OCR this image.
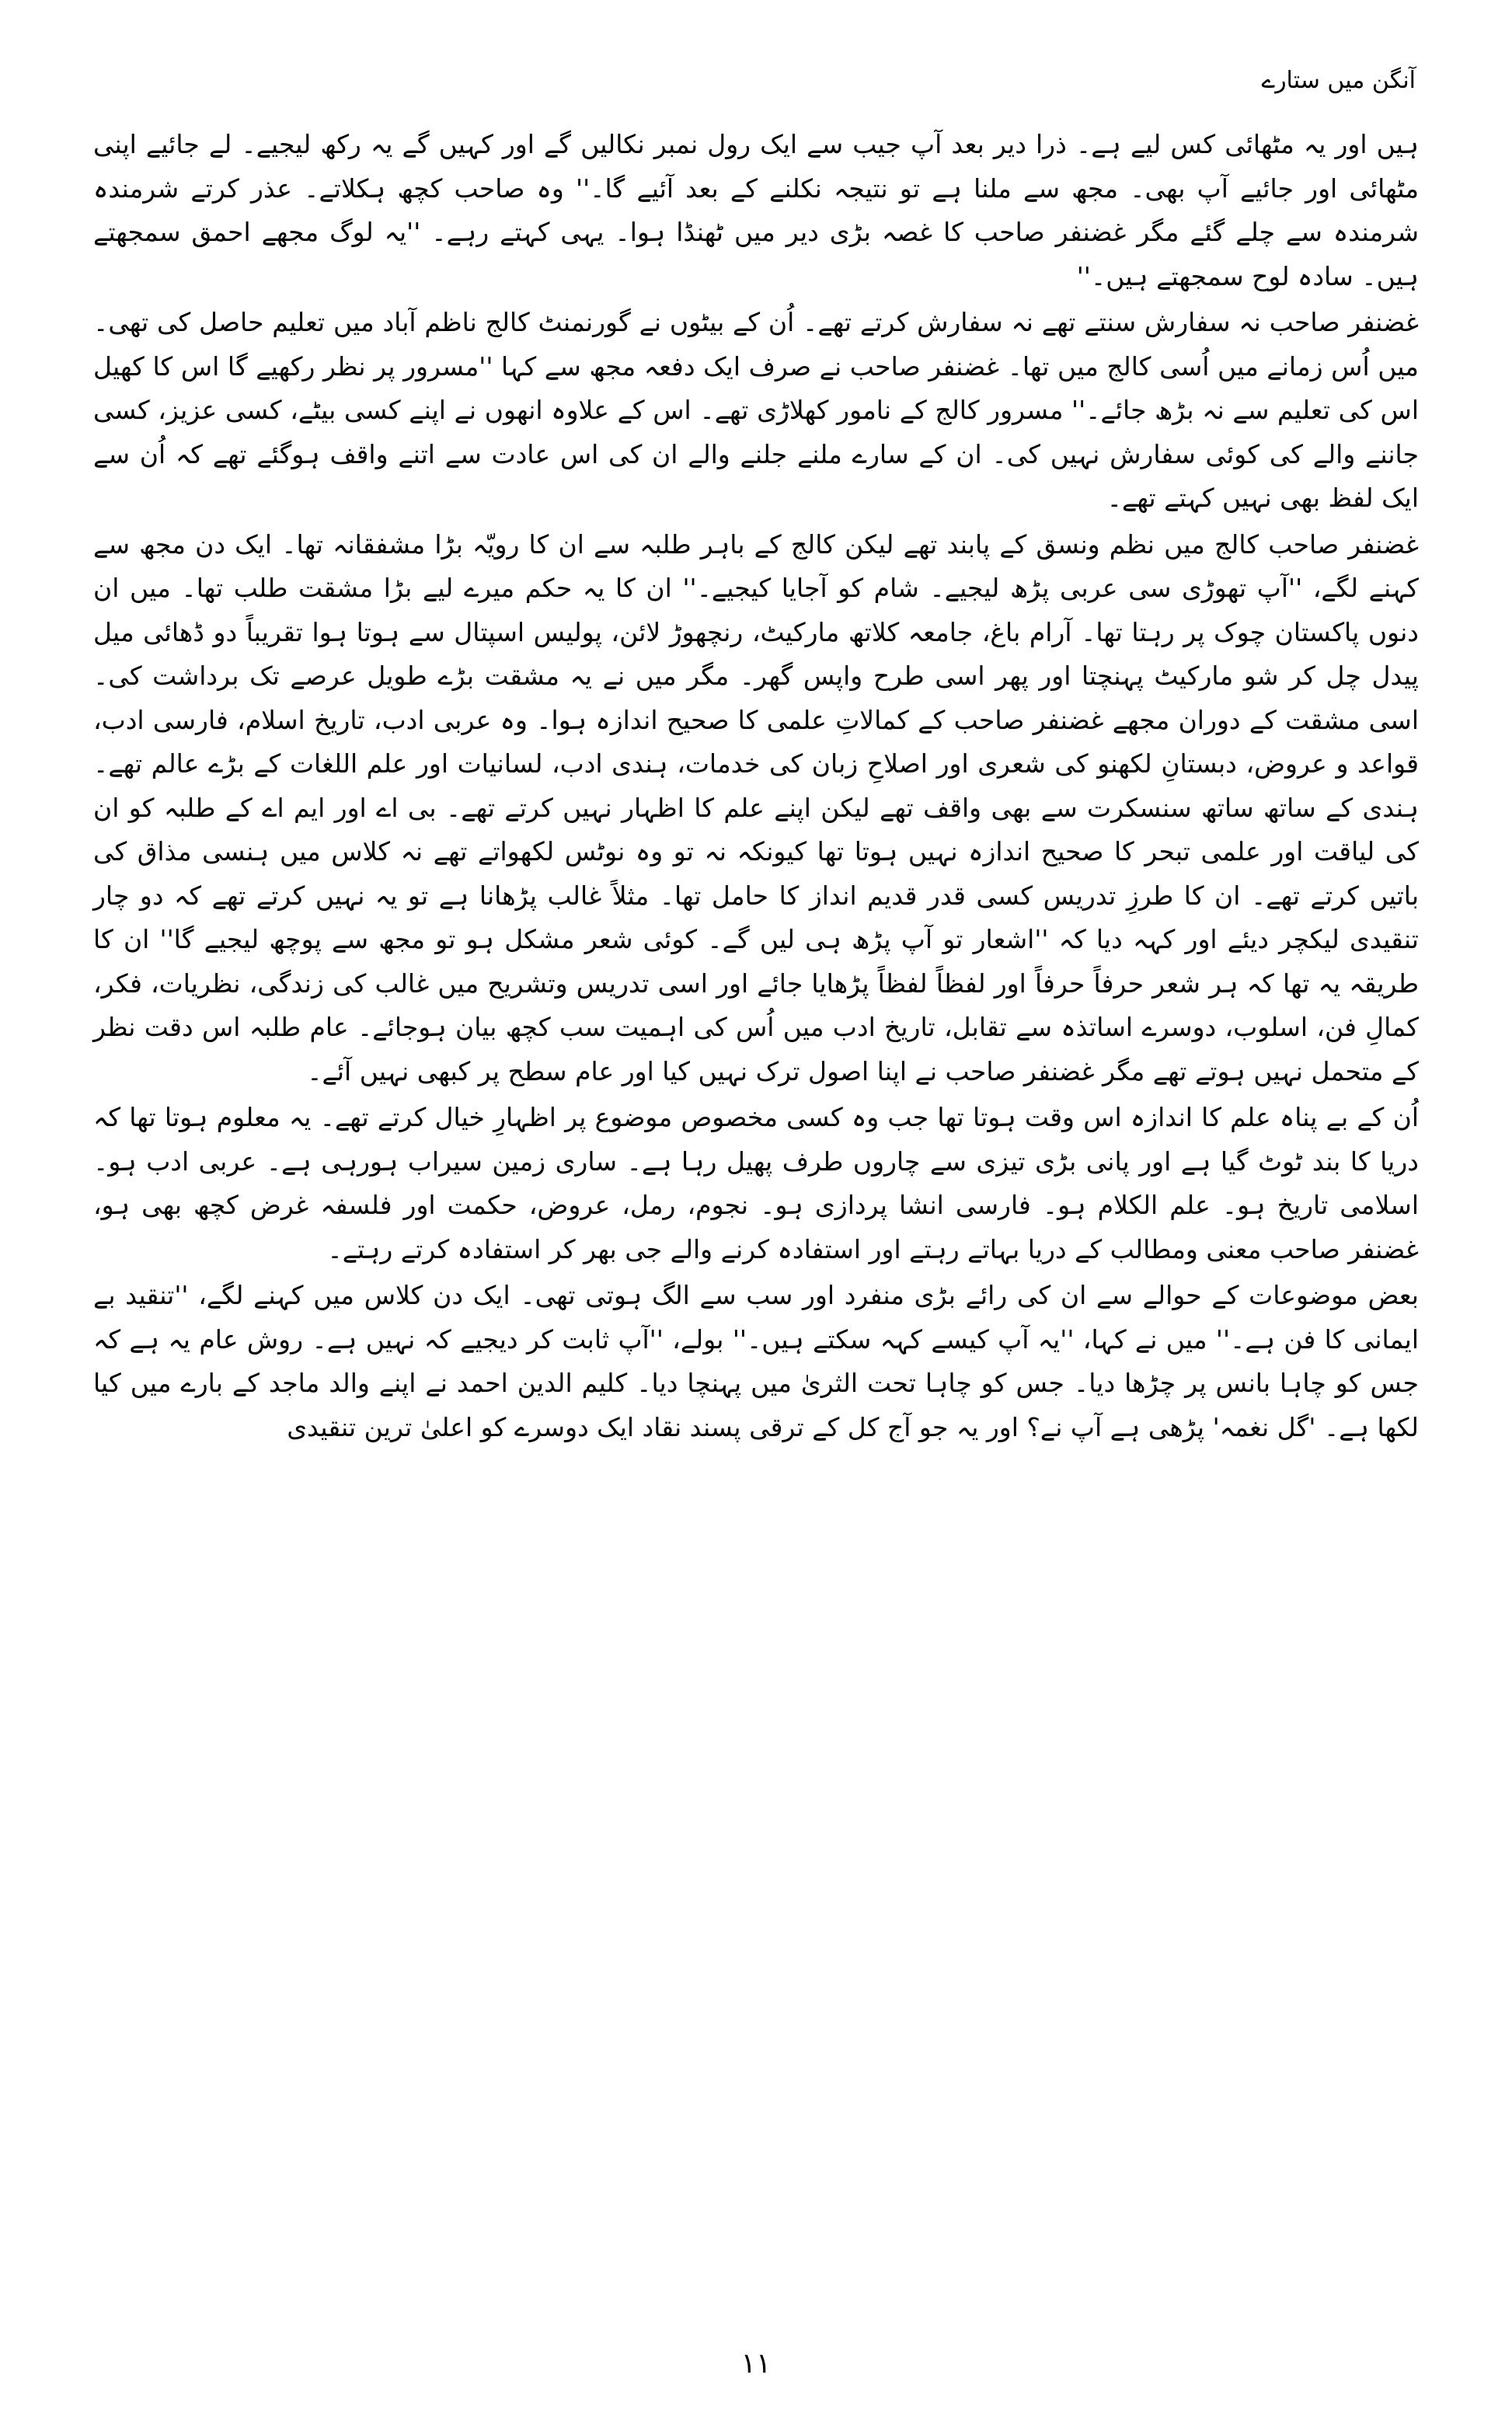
آنگن میں ستارے

ہیں اور یہ مٹھائی کس لیے ہے۔ ذرا دیر بعد آپ جیب سے ایک رول نمبر نکالیں گے اور کہیں گے یہ رکھ لیجیے۔ لے جائیے اپنی مٹھائی اور جائیے آپ بھی۔ مجھ سے ملنا ہے تو نتیجہ نکلنے کے بعد آئیے گا۔'' وہ صاحب کچھ ہکلاتے۔ عذر کرتے شرمندہ شرمندہ سے چلے گئے مگر غضنفر صاحب کا غصہ بڑی دیر میں ٹھنڈا ہوا۔ یہی کہتے رہے۔ ''یہ لوگ مجھے احمق سمجھتے ہیں۔ سادہ لوح سمجھتے ہیں۔''

غضنفر صاحب نہ سفارش سنتے تھے نہ سفارش کرتے تھے۔ اُن کے بیٹوں نے گورنمنٹ کالج ناظم آباد میں تعلیم حاصل کی تھی۔ میں اُس زمانے میں اُسی کالج میں تھا۔ غضنفر صاحب نے صرف ایک دفعہ مجھ سے کہا ''مسرور پر نظر رکھیے گا اس کا کھیل اس کی تعلیم سے نہ بڑھ جائے۔'' مسرور کالج کے نامور کھلاڑی تھے۔ اس کے علاوہ انھوں نے اپنے کسی بیٹے، کسی عزیز، کسی جاننے والے کی کوئی سفارش نہیں کی۔ ان کے سارے ملنے جلنے والے ان کی اس عادت سے اتنے واقف ہوگئے تھے کہ اُن سے ایک لفظ بھی نہیں کہتے تھے۔

غضنفر صاحب کالج میں نظم ونسق کے پابند تھے لیکن کالج کے باہر طلبہ سے ان کا رویّہ بڑا مشفقانہ تھا۔ ایک دن مجھ سے کہنے لگے، ''آپ تھوڑی سی عربی پڑھ لیجیے۔ شام کو آجایا کیجیے۔'' ان کا یہ حکم میرے لیے بڑا مشقت طلب تھا۔ میں ان دنوں پاکستان چوک پر رہتا تھا۔ آرام باغ، جامعہ کلاتھ مارکیٹ، رنچھوڑ لائن، پولیس اسپتال سے ہوتا ہوا تقریباً دو ڈھائی میل پیدل چل کر شو مارکیٹ پہنچتا اور پھر اسی طرح واپس گھر۔ مگر میں نے یہ مشقت بڑے طویل عرصے تک برداشت کی۔ اسی مشقت کے دوران مجھے غضنفر صاحب کے کمالاتِ علمی کا صحیح اندازہ ہوا۔ وہ عربی ادب، تاریخ اسلام، فارسی ادب، قواعد و عروض، دبستانِ لکھنو کی شعری اور اصلاحِ زبان کی خدمات، ہندی ادب، لسانیات اور علم اللغات کے بڑے عالم تھے۔ ہندی کے ساتھ ساتھ سنسکرت سے بھی واقف تھے لیکن اپنے علم کا اظہار نہیں کرتے تھے۔ بی اے اور ایم اے کے طلبہ کو ان کی لیاقت اور علمی تبحر کا صحیح اندازہ نہیں ہوتا تھا کیونکہ نہ تو وہ نوٹس لکھواتے تھے نہ کلاس میں ہنسی مذاق کی باتیں کرتے تھے۔ ان کا طرزِ تدریس کسی قدر قدیم انداز کا حامل تھا۔ مثلاً غالب پڑھانا ہے تو یہ نہیں کرتے تھے کہ دو چار تنقیدی لیکچر دیئے اور کہہ دیا کہ ''اشعار تو آپ پڑھ ہی لیں گے۔ کوئی شعر مشکل ہو تو مجھ سے پوچھ لیجیے گا'' ان کا طریقہ یہ تھا کہ ہر شعر حرفاً حرفاً اور لفظاً لفظاً پڑھایا جائے اور اسی تدریس وتشریح میں غالب کی زندگی، نظریات، فکر، کمالِ فن، اسلوب، دوسرے اساتذہ سے تقابل، تاریخ ادب میں اُس کی اہمیت سب کچھ بیان ہوجائے۔ عام طلبہ اس دقت نظر کے متحمل نہیں ہوتے تھے مگر غضنفر صاحب نے اپنا اصول ترک نہیں کیا اور عام سطح پر کبھی نہیں آئے۔

اُن کے بے پناہ علم کا اندازہ اس وقت ہوتا تھا جب وہ کسی مخصوص موضوع پر اظہارِ خیال کرتے تھے۔ یہ معلوم ہوتا تھا کہ دریا کا بند ٹوٹ گیا ہے اور پانی بڑی تیزی سے چاروں طرف پھیل رہا ہے۔ ساری زمین سیراب ہورہی ہے۔ عربی ادب ہو۔ اسلامی تاریخ ہو۔ علم الکلام ہو۔ فارسی انشا پردازی ہو۔ نجوم، رمل، عروض، حکمت اور فلسفہ غرض کچھ بھی ہو، غضنفر صاحب معنی ومطالب کے دریا بہاتے رہتے اور استفادہ کرنے والے جی بھر کر استفادہ کرتے رہتے۔

بعض موضوعات کے حوالے سے ان کی رائے بڑی منفرد اور سب سے الگ ہوتی تھی۔ ایک دن کلاس میں کہنے لگے، ''تنقید بے ایمانی کا فن ہے۔'' میں نے کہا، ''یہ آپ کیسے کہہ سکتے ہیں۔'' بولے، ''آپ ثابت کر دیجیے کہ نہیں ہے۔ روش عام یہ ہے کہ جس کو چاہا بانس پر چڑھا دیا۔ جس کو چاہا تحت الثریٰ میں پہنچا دیا۔ کلیم الدین احمد نے اپنے والد ماجد کے بارے میں کیا لکھا ہے۔ 'گل نغمہ' پڑھی ہے آپ نے؟ اور یہ جو آج کل کے ترقی پسند نقاد ایک دوسرے کو اعلیٰ ترین تنقیدی

۱۱
